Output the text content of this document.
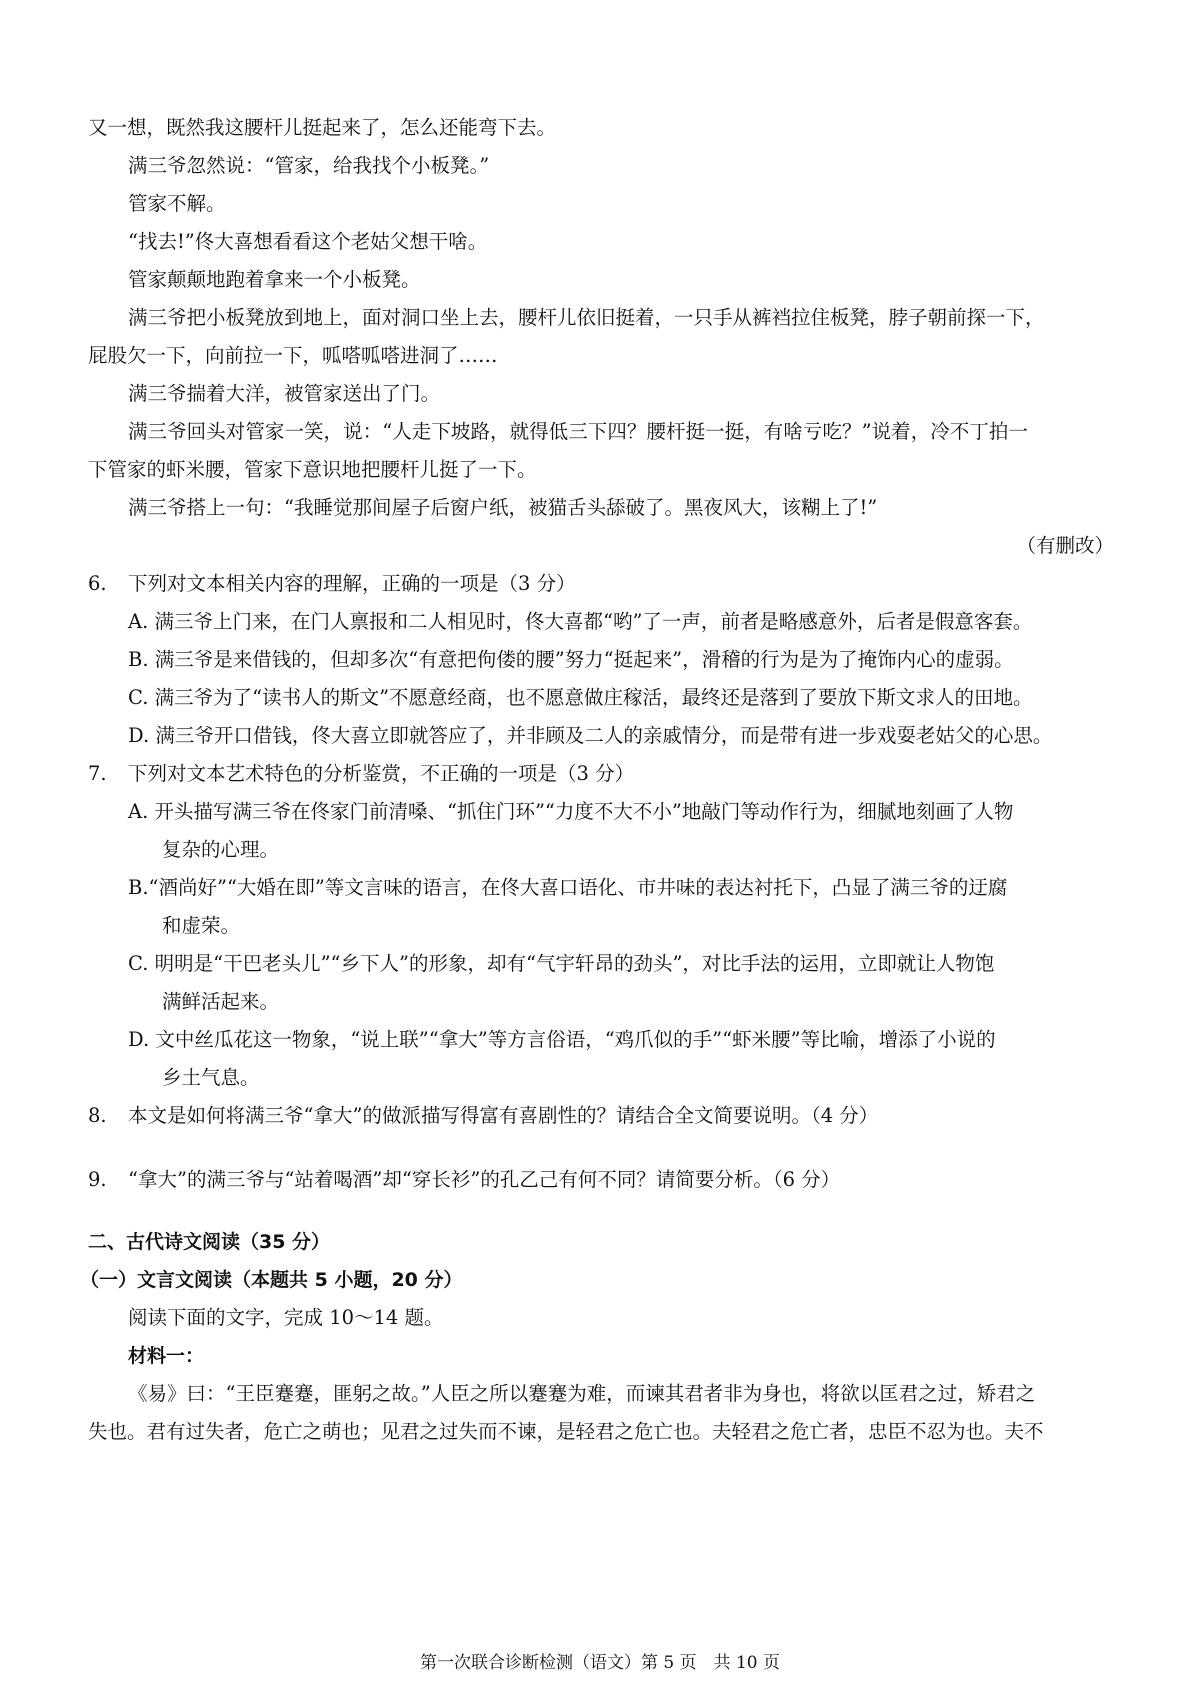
又一想，既然我这腰杆儿挺起来了，怎么还能弯下去。

满三爷忽然说：“管家，给我找个小板凳。”

管家不解。

“找去!”佟大喜想看看这个老姑父想干啥。

管家颠颠地跑着拿来一个小板凳。

满三爷把小板凳放到地上，面对洞口坐上去，腰杆儿依旧挺着，一只手从裤裆拉住板凳，脖子朝前探一下，

屁股欠一下，向前拉一下，呱嗒呱嗒进洞了……

满三爷揣着大洋，被管家送出了门。

满三爷回头对管家一笑，说：“人走下坡路，就得低三下四？腰杆挺一挺，有啥亏吃？”说着，冷不丁拍一

下管家的虾米腰，管家下意识地把腰杆儿挺了一下。

满三爷搭上一句：“我睡觉那间屋子后窗户纸，被猫舌头舔破了。黑夜风大，该糊上了!”

（有删改）

6. 下列对文本相关内容的理解，正确的一项是（3 分）

A. 满三爷上门来，在门人禀报和二人相见时，佟大喜都“哟”了一声，前者是略感意外，后者是假意客套。

B. 满三爷是来借钱的，但却多次“有意把佝偻的腰”努力“挺起来”，滑稽的行为是为了掩饰内心的虚弱。

C. 满三爷为了“读书人的斯文”不愿意经商，也不愿意做庄稼活，最终还是落到了要放下斯文求人的田地。

D. 满三爷开口借钱，佟大喜立即就答应了，并非顾及二人的亲戚情分，而是带有进一步戏耍老姑父的心思。

7. 下列对文本艺术特色的分析鉴赏，不正确的一项是（3 分）

A. 开头描写满三爷在佟家门前清嗓、“抓住门环”“力度不大不小”地敲门等动作行为，细腻地刻画了人物

复杂的心理。

B.“酒尚好”“大婚在即”等文言味的语言，在佟大喜口语化、市井味的表达衬托下，凸显了满三爷的迂腐

和虚荣。

C. 明明是“干巴老头儿”“乡下人”的形象，却有“气宇轩昂的劲头”，对比手法的运用，立即就让人物饱

满鲜活起来。

D. 文中丝瓜花这一物象，“说上联”“拿大”等方言俗语，“鸡爪似的手”“虾米腰”等比喻，增添了小说的

乡土气息。

8. 本文是如何将满三爷“拿大”的做派描写得富有喜剧性的？请结合全文简要说明。（4 分）

9. “拿大”的满三爷与“站着喝酒”却“穿长衫”的孔乙己有何不同？请简要分析。（6 分）

二、古代诗文阅读（35 分）

（一）文言文阅读（本题共 5 小题，20 分）

阅读下面的文字，完成 10～14 题。

材料一：

《易》曰：“王臣蹇蹇，匪躬之故。”人臣之所以蹇蹇为难，而谏其君者非为身也，将欲以匡君之过，矫君之

失也。君有过失者，危亡之萌也；见君之过失而不谏，是轻君之危亡也。夫轻君之危亡者，忠臣不忍为也。夫不

第一次联合诊断检测（语文）第 5 页　共 10 页
